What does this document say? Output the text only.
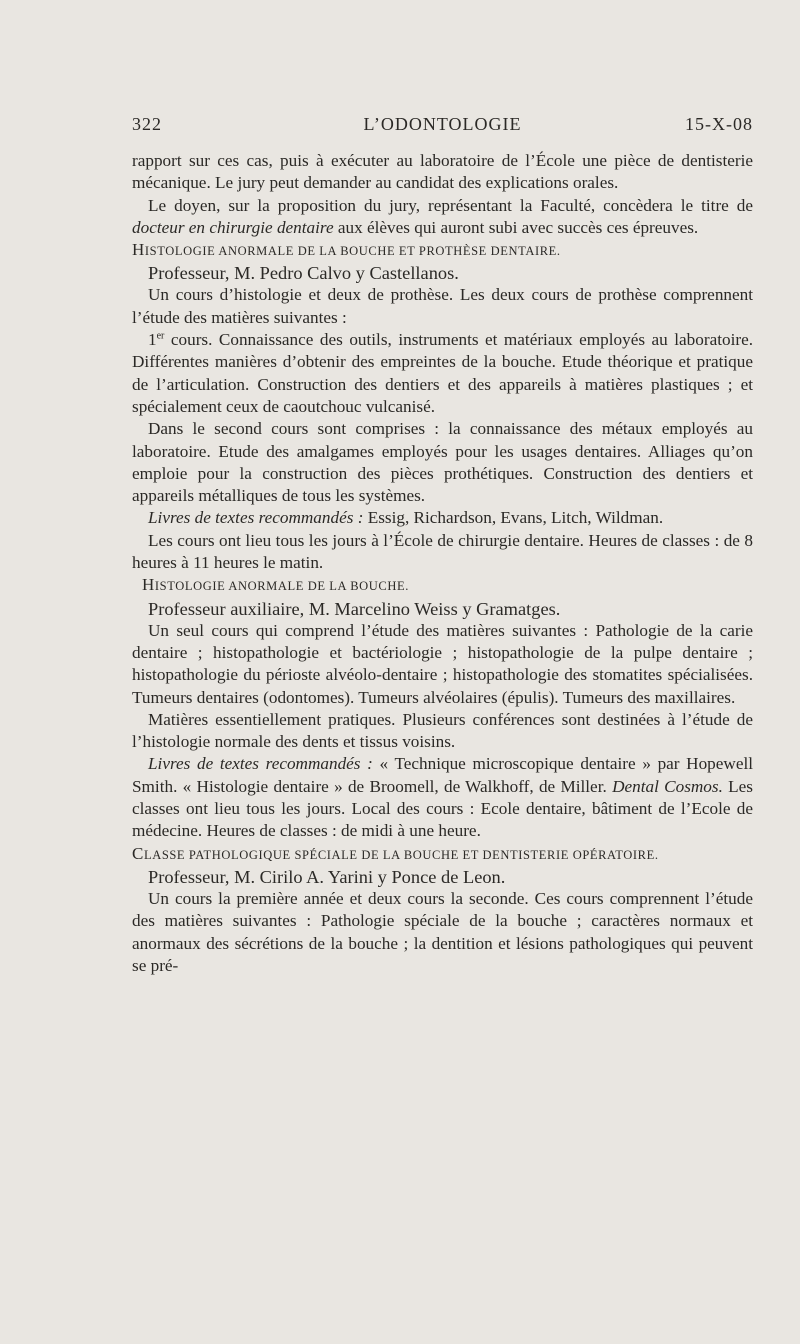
322	L’ODONTOLOGIE	15-X-08

rapport sur ces cas, puis à exécuter au laboratoire de l’École une pièce de dentisterie mécanique. Le jury peut demander au candidat des explications orales.

Le doyen, sur la proposition du jury, représentant la Faculté, concèdera le titre de docteur en chirurgie dentaire aux élèves qui auront subi avec succès ces épreuves.

HISTOLOGIE ANORMALE DE LA BOUCHE ET PROTHÈSE DENTAIRE.

Professeur, M. Pedro Calvo y Castellanos.

Un cours d’histologie et deux de prothèse. Les deux cours de prothèse comprennent l’étude des matières suivantes :

1er cours. Connaissance des outils, instruments et matériaux employés au laboratoire. Différentes manières d’obtenir des empreintes de la bouche. Etude théorique et pratique de l’articulation. Construction des dentiers et des appareils à matières plastiques ; et spécialement ceux de caoutchouc vulcanisé.

Dans le second cours sont comprises : la connaissance des métaux employés au laboratoire. Etude des amalgames employés pour les usages dentaires. Alliages qu’on emploie pour la construction des pièces prothétiques. Construction des dentiers et appareils métalliques de tous les systèmes.

Livres de textes recommandés : Essig, Richardson, Evans, Litch, Wildman.

Les cours ont lieu tous les jours à l’École de chirurgie dentaire. Heures de classes : de 8 heures à 11 heures le matin.

HISTOLOGIE ANORMALE DE LA BOUCHE.

Professeur auxiliaire, M. Marcelino Weiss y Gramatges.

Un seul cours qui comprend l’étude des matières suivantes : Pathologie de la carie dentaire ; histopathologie et bactériologie ; histopathologie de la pulpe dentaire ; histopathologie du périoste alvéolo-dentaire ; histopathologie des stomatites spécialisées. Tumeurs dentaires (odontomes). Tumeurs alvéolaires (épulis). Tumeurs des maxillaires.

Matières essentiellement pratiques. Plusieurs conférences sont destinées à l’étude de l’histologie normale des dents et tissus voisins.

Livres de textes recommandés : « Technique microscopique dentaire » par Hopewell Smith. « Histologie dentaire » de Broomell, de Walkhoff, de Miller. Dental Cosmos. Les classes ont lieu tous les jours. Local des cours : Ecole dentaire, bâtiment de l’Ecole de médecine. Heures de classes : de midi à une heure.

CLASSE PATHOLOGIQUE SPÉCIALE DE LA BOUCHE ET DENTISTERIE OPÉRATOIRE.

Professeur, M. Cirilo A. Yarini y Ponce de Leon.

Un cours la première année et deux cours la seconde. Ces cours comprennent l’étude des matières suivantes : Pathologie spéciale de la bouche ; caractères normaux et anormaux des sécrétions de la bouche ; la dentition et lésions pathologiques qui peuvent se pré-
